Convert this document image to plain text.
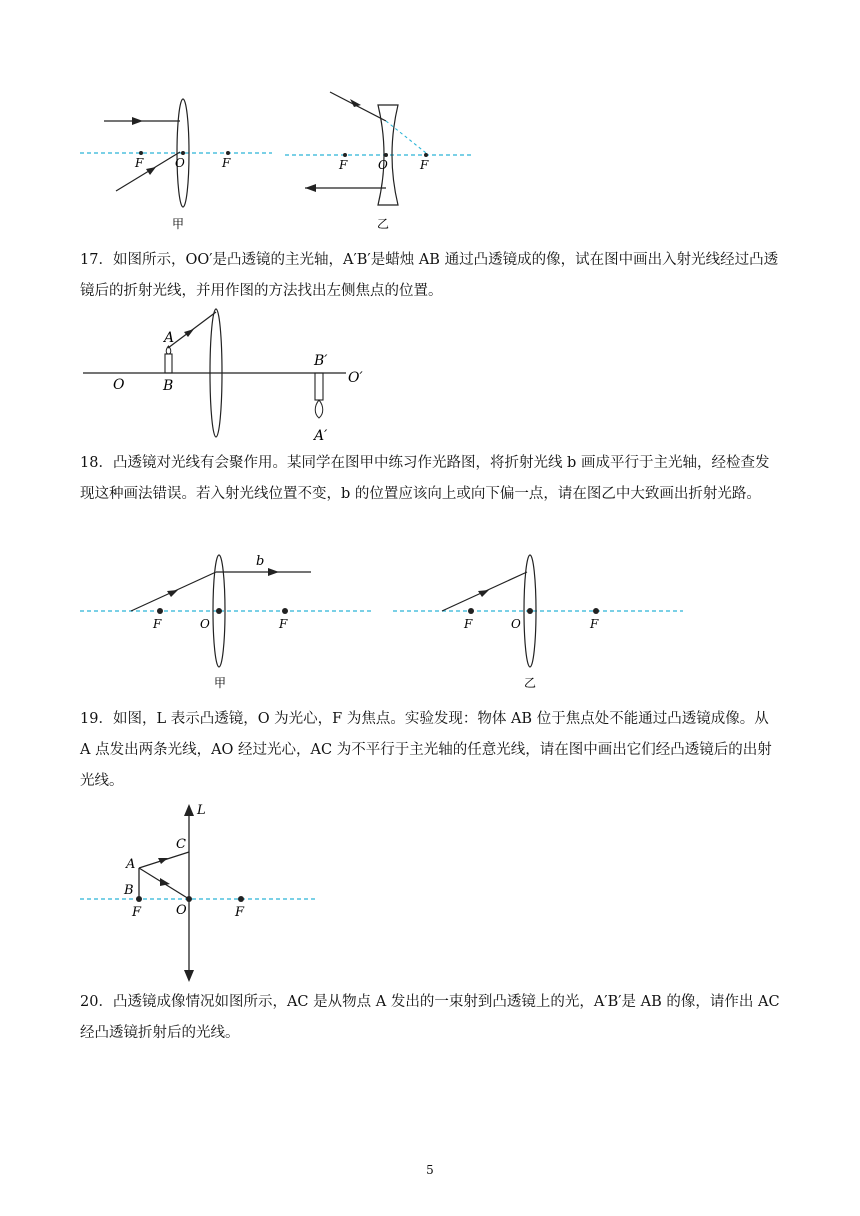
F	O	F
甲
F	O	F
乙
17．如图所示，OO′是凸透镜的主光轴，A′B′是蜡烛 AB 通过凸透镜成的像，试在图中画出入射光线经过凸透镜后的折射光线，并用作图的方法找出左侧焦点的位置。
O
A
B
B′
O′
A′
18．凸透镜对光线有会聚作用。某同学在图甲中练习作光路图，将折射光线 b 画成平行于主光轴，经检查发现这种画法错误。若入射光线位置不变，b 的位置应该向上或向下偏一点，请在图乙中大致画出折射光路。
b
F	O	F
甲
F	O	F
乙
19．如图，L 表示凸透镜，O 为光心，F 为焦点。实验发现：物体 AB 位于焦点处不能通过凸透镜成像。从 A 点发出两条光线，AO 经过光心，AC 为不平行于主光轴的任意光线，请在图中画出它们经凸透镜后的出射光线。
L
C
A
B
F	O	F
20．凸透镜成像情况如图所示，AC 是从物点 A 发出的一束射到凸透镜上的光，A′B′是 AB 的像，请作出 AC 经凸透镜折射后的光线。
5
